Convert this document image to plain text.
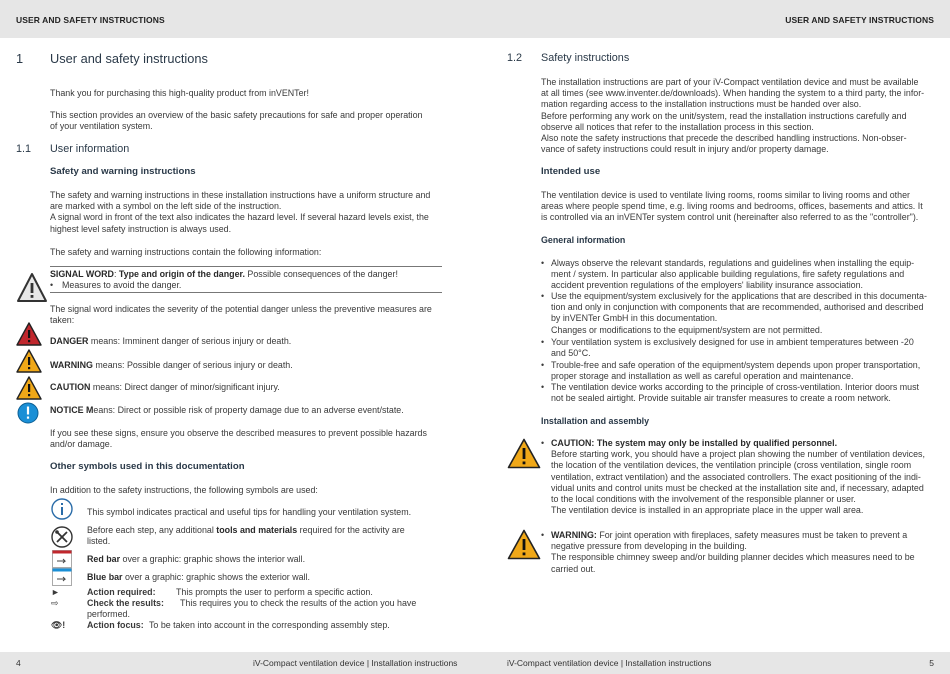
USER AND SAFETY INSTRUCTIONS	USER AND SAFETY INSTRUCTIONS
4	iV-Compact ventilation device | Installation instructions	iV-Compact ventilation device | Installation instructions	5

1 User and safety instructions

Thank you for purchasing this high-quality product from inVENTer!

This section provides an overview of the basic safety precautions for safe and proper operation
of your ventilation system.

1.1 User information

Safety and warning instructions

The safety and warning instructions in these installation instructions have a uniform structure and
are marked with a symbol on the left side of the instruction.
A signal word in front of the text also indicates the hazard level. If several hazard levels exist, the
highest level safety instruction is always used.

The safety and warning instructions contain the following information:

SIGNAL WORD: Type and origin of the danger. Possible consequences of the danger!

• Measures to avoid the danger.

The signal word indicates the severity of the potential danger unless the preventive measures are
taken:

DANGER means: Imminent danger of serious injury or death.

WARNING means: Possible danger of serious injury or death.

CAUTION means: Direct danger of minor/significant injury.

NOTICE Means: Direct or possible risk of property damage due to an adverse event/state.

If you see these signs, ensure you observe the described measures to prevent possible hazards
and/or damage.

Other symbols used in this documentation

In addition to the safety instructions, the following symbols are used:

This symbol indicates practical and useful tips for handling your ventilation system.

Before each step, any additional tools and materials required for the activity are
listed.

Red bar over a graphic: graphic shows the interior wall.

Blue bar over a graphic: graphic shows the exterior wall.

►	Action required: This prompts the user to perform a specific action.

⇨	Check the results: This requires you to check the results of the action you have

performed.

👁! Action focus: To be taken into account in the corresponding assembly step.

1.2 Safety instructions

The installation instructions are part of your iV-Compact ventilation device and must be available
at all times (see www.inventer.de/downloads). When handing the system to a third party, the infor-
mation regarding access to the installation instructions must be handed over also.
Before performing any work on the unit/system, read the installation instructions carefully and
observe all notices that refer to the installation process in this section.
Also note the safety instructions that precede the described handling instructions. Non-obser-
vance of safety instructions could result in injury and/or property damage.

Intended use

The ventilation device is used to ventilate living rooms, rooms similar to living rooms and other
areas where people spend time, e.g. living rooms and bedrooms, offices, basements and attics. It
is controlled via an inVENTer system control unit (hereinafter also referred to as the "controller").

General information

• Always observe the relevant standards, regulations and guidelines when installing the equip-
ment / system. In particular also applicable building regulations, fire safety regulations and
accident prevention regulations of the employers' liability insurance association.

• Use the equipment/system exclusively for the applications that are described in this documenta-
tion and only in conjunction with components that are recommended, authorised and described
by inVENTer GmbH in this documentation.
Changes or modifications to the equipment/system are not permitted.

• Your ventilation system is exclusively designed for use in ambient temperatures between -20
and 50°C.

• Trouble-free and safe operation of the equipment/system depends upon proper transportation,
proper storage and installation as well as careful operation and maintenance.

• The ventilation device works according to the principle of cross-ventilation. Interior doors must
not be sealed airtight. Provide suitable air transfer measures to create a room network.

Installation and assembly

• CAUTION: The system may only be installed by qualified personnel.
Before starting work, you should have a project plan showing the number of ventilation devices,
the location of the ventilation devices, the ventilation principle (cross ventilation, single room
ventilation, extract ventilation) and the associated controllers. The exact positioning of the indi-
vidual units and control units must be checked at the installation site and, if necessary, adapted
to the local conditions with the involvement of the responsible planner or user.
The ventilation device is installed in an appropriate place in the upper wall area.

• WARNING: For joint operation with fireplaces, safety measures must be taken to prevent a
negative pressure from developing in the building.
The responsible chimney sweep and/or building planner decides which measures need to be
carried out.
